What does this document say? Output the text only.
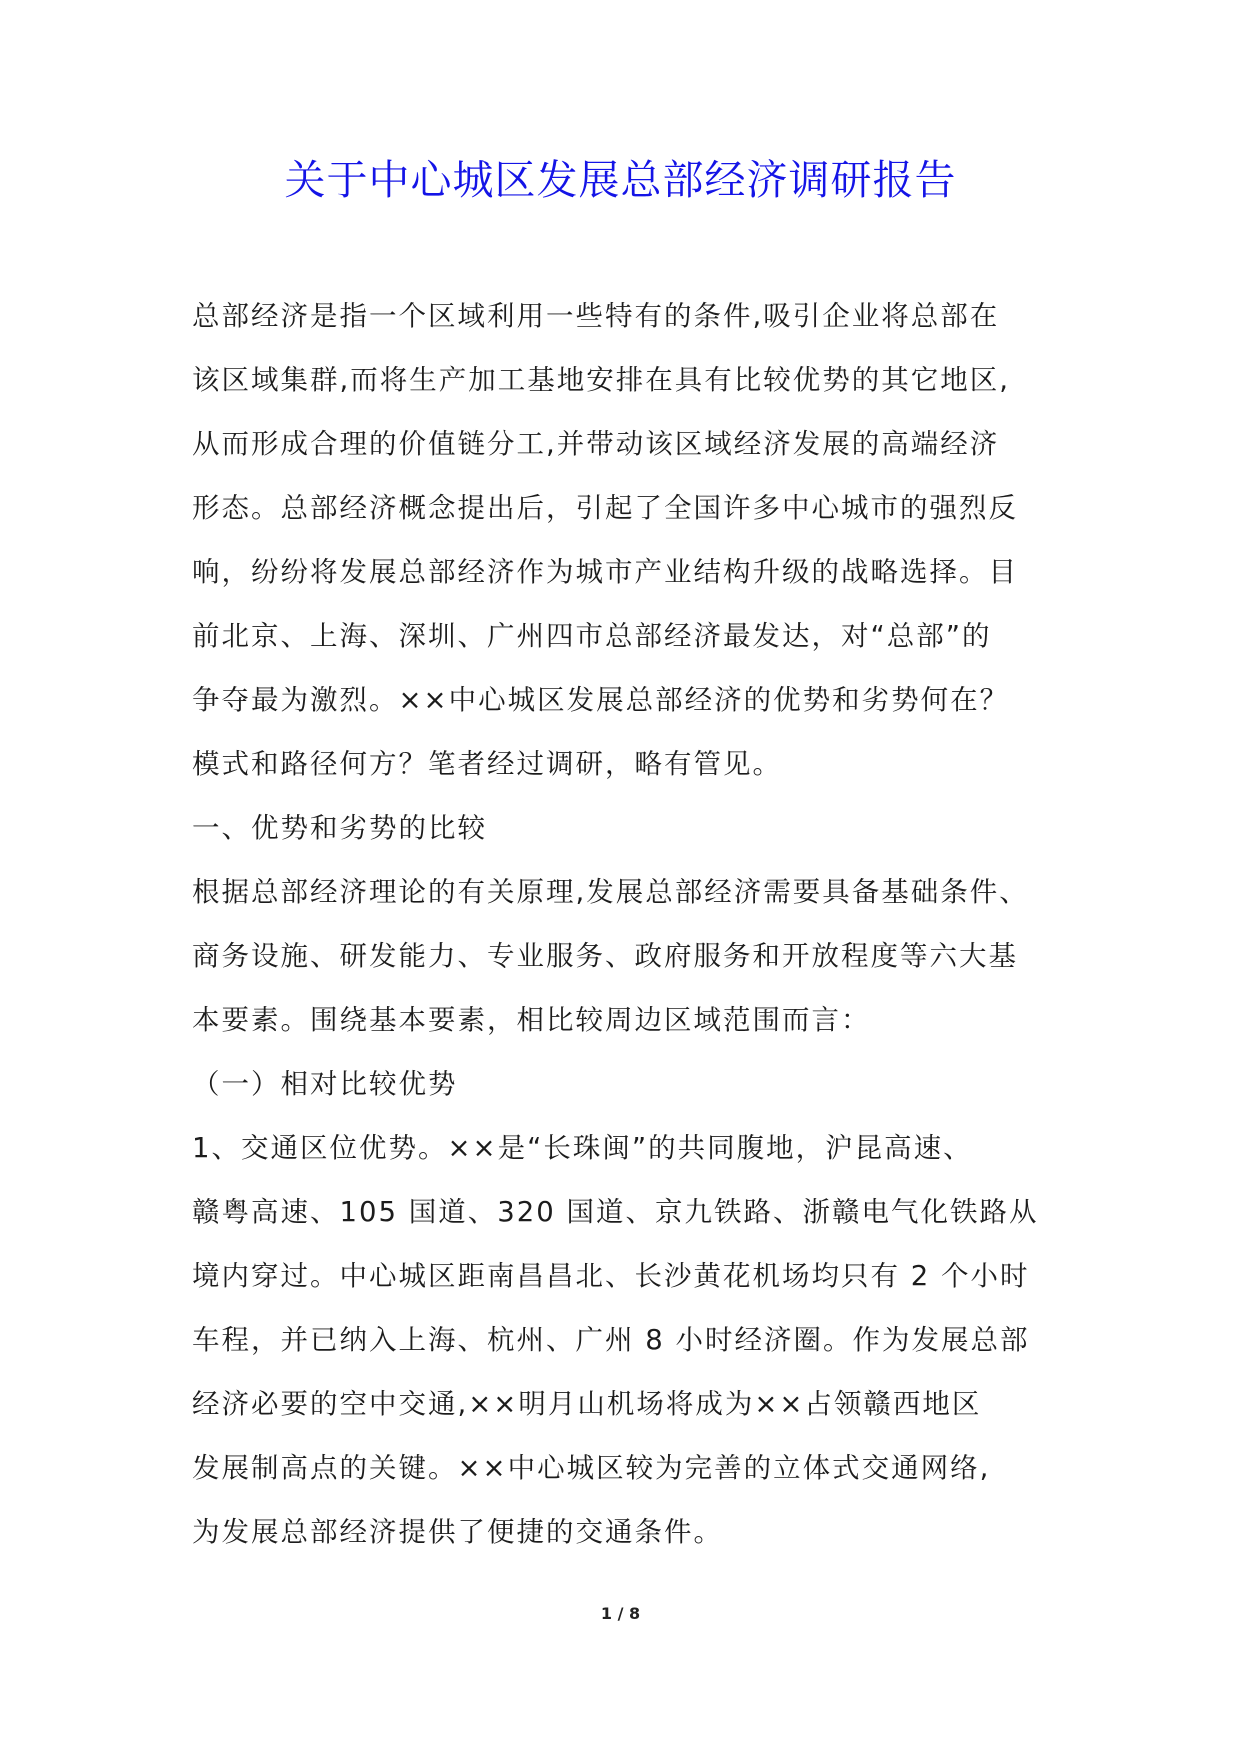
关于中心城区发展总部经济调研报告
总部经济是指一个区域利用一些特有的条件,吸引企业将总部在
该区域集群,而将生产加工基地安排在具有比较优势的其它地区,
从而形成合理的价值链分工,并带动该区域经济发展的高端经济
形态。总部经济概念提出后，引起了全国许多中心城市的强烈反
响，纷纷将发展总部经济作为城市产业结构升级的战略选择。目
前北京、上海、深圳、广州四市总部经济最发达，对“总部”的
争夺最为激烈。××中心城区发展总部经济的优势和劣势何在？
模式和路径何方？笔者经过调研，略有管见。
一、优势和劣势的比较
根据总部经济理论的有关原理,发展总部经济需要具备基础条件、
商务设施、研发能力、专业服务、政府服务和开放程度等六大基
本要素。围绕基本要素，相比较周边区域范围而言：
（一）相对比较优势
1、交通区位优势。××是“长珠闽”的共同腹地，沪昆高速、
赣粤高速、105 国道、320 国道、京九铁路、浙赣电气化铁路从
境内穿过。中心城区距南昌昌北、长沙黄花机场均只有 2 个小时
车程，并已纳入上海、杭州、广州 8 小时经济圈。作为发展总部
经济必要的空中交通,××明月山机场将成为××占领赣西地区
发展制高点的关键。××中心城区较为完善的立体式交通网络,
为发展总部经济提供了便捷的交通条件。
1 / 8
